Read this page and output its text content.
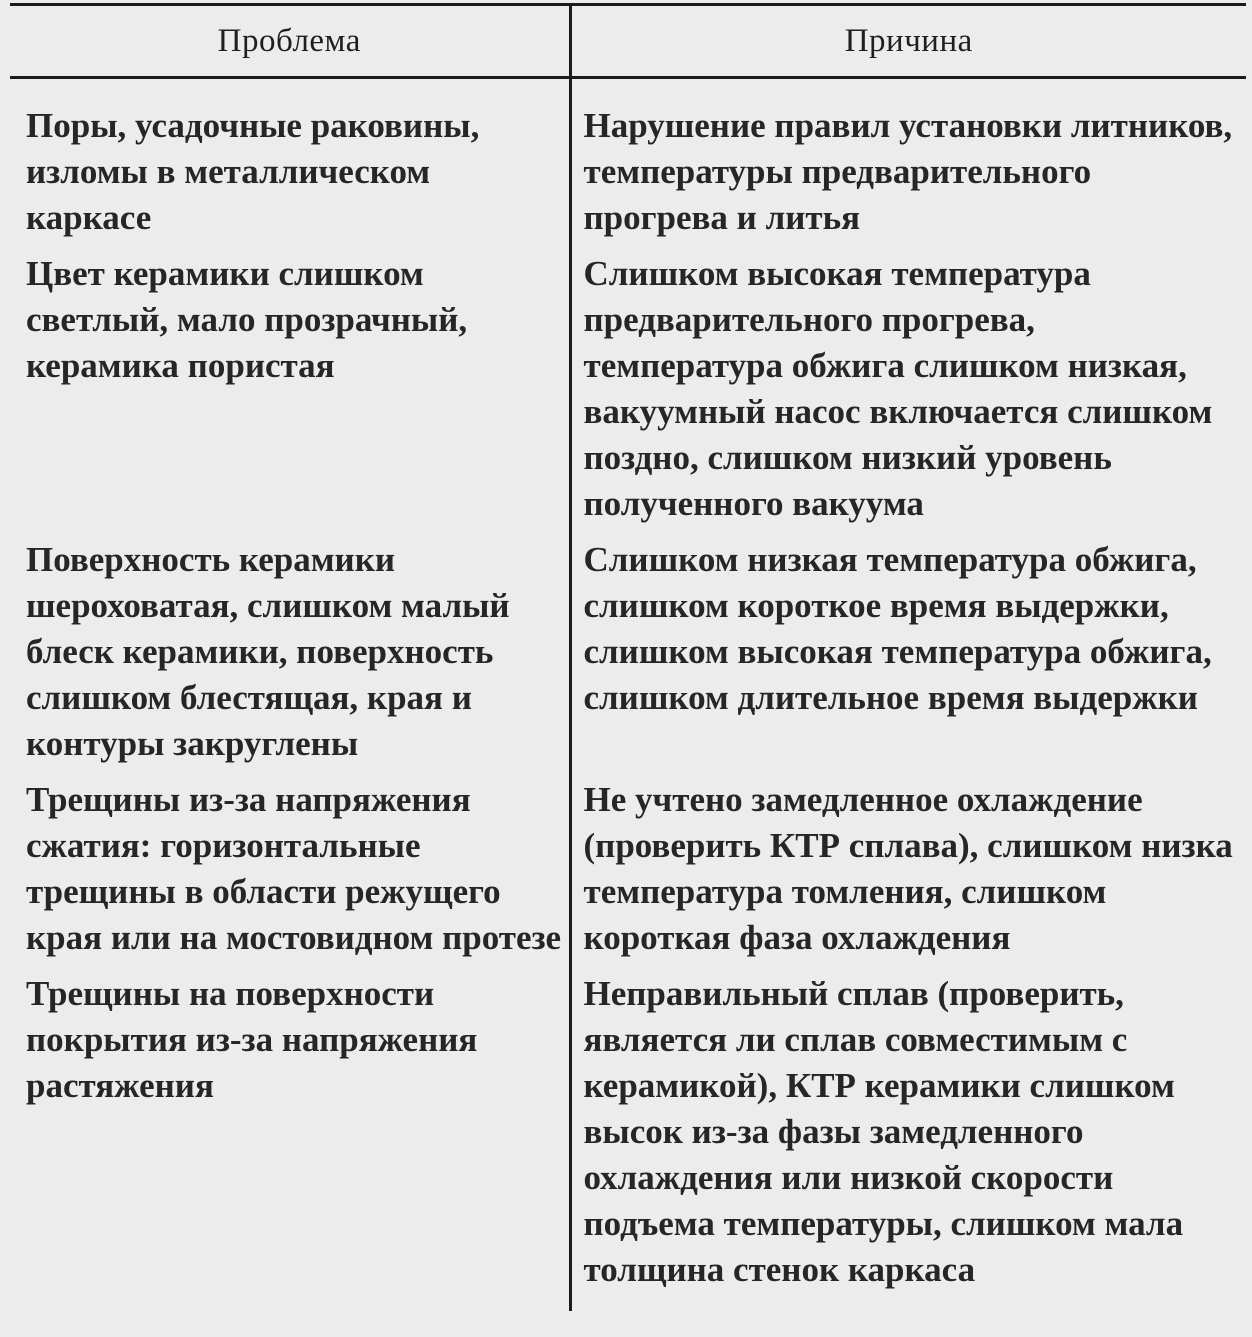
Проблема	Причина
Поры, усадочные раковины, изломы в металлическом каркасе	Нарушение правил установки литников, температуры предварительного прогрева и литья
Цвет керамики слишком светлый, мало прозрачный, керамика пористая	Слишком высокая температура предварительного прогрева, температура обжига слишком низкая, вакуумный насос включается слишком поздно, слишком низкий уровень полученного вакуума
Поверхность керамики шероховатая, слишком малый блеск керамики, поверхность слишком блестящая, края и контуры закруглены	Слишком низкая температура обжига, слишком короткое время выдержки, слишком высокая температура обжига, слишком длительное время выдержки
Трещины из-за напряжения сжатия: горизонтальные трещины в области режущего края или на мостовидном протезе	Не учтено замедленное охлаждение (проверить КТР сплава), слишком низка температура томления, слишком короткая фаза охлаждения
Трещины на поверхности покрытия из-за напряжения растяжения	Неправильный сплав (проверить, является ли сплав совместимым с керамикой), КТР керамики слишком высок из-за фазы замедленного охлаждения или низкой скорости подъема температуры, слишком мала толщина стенок каркаса
